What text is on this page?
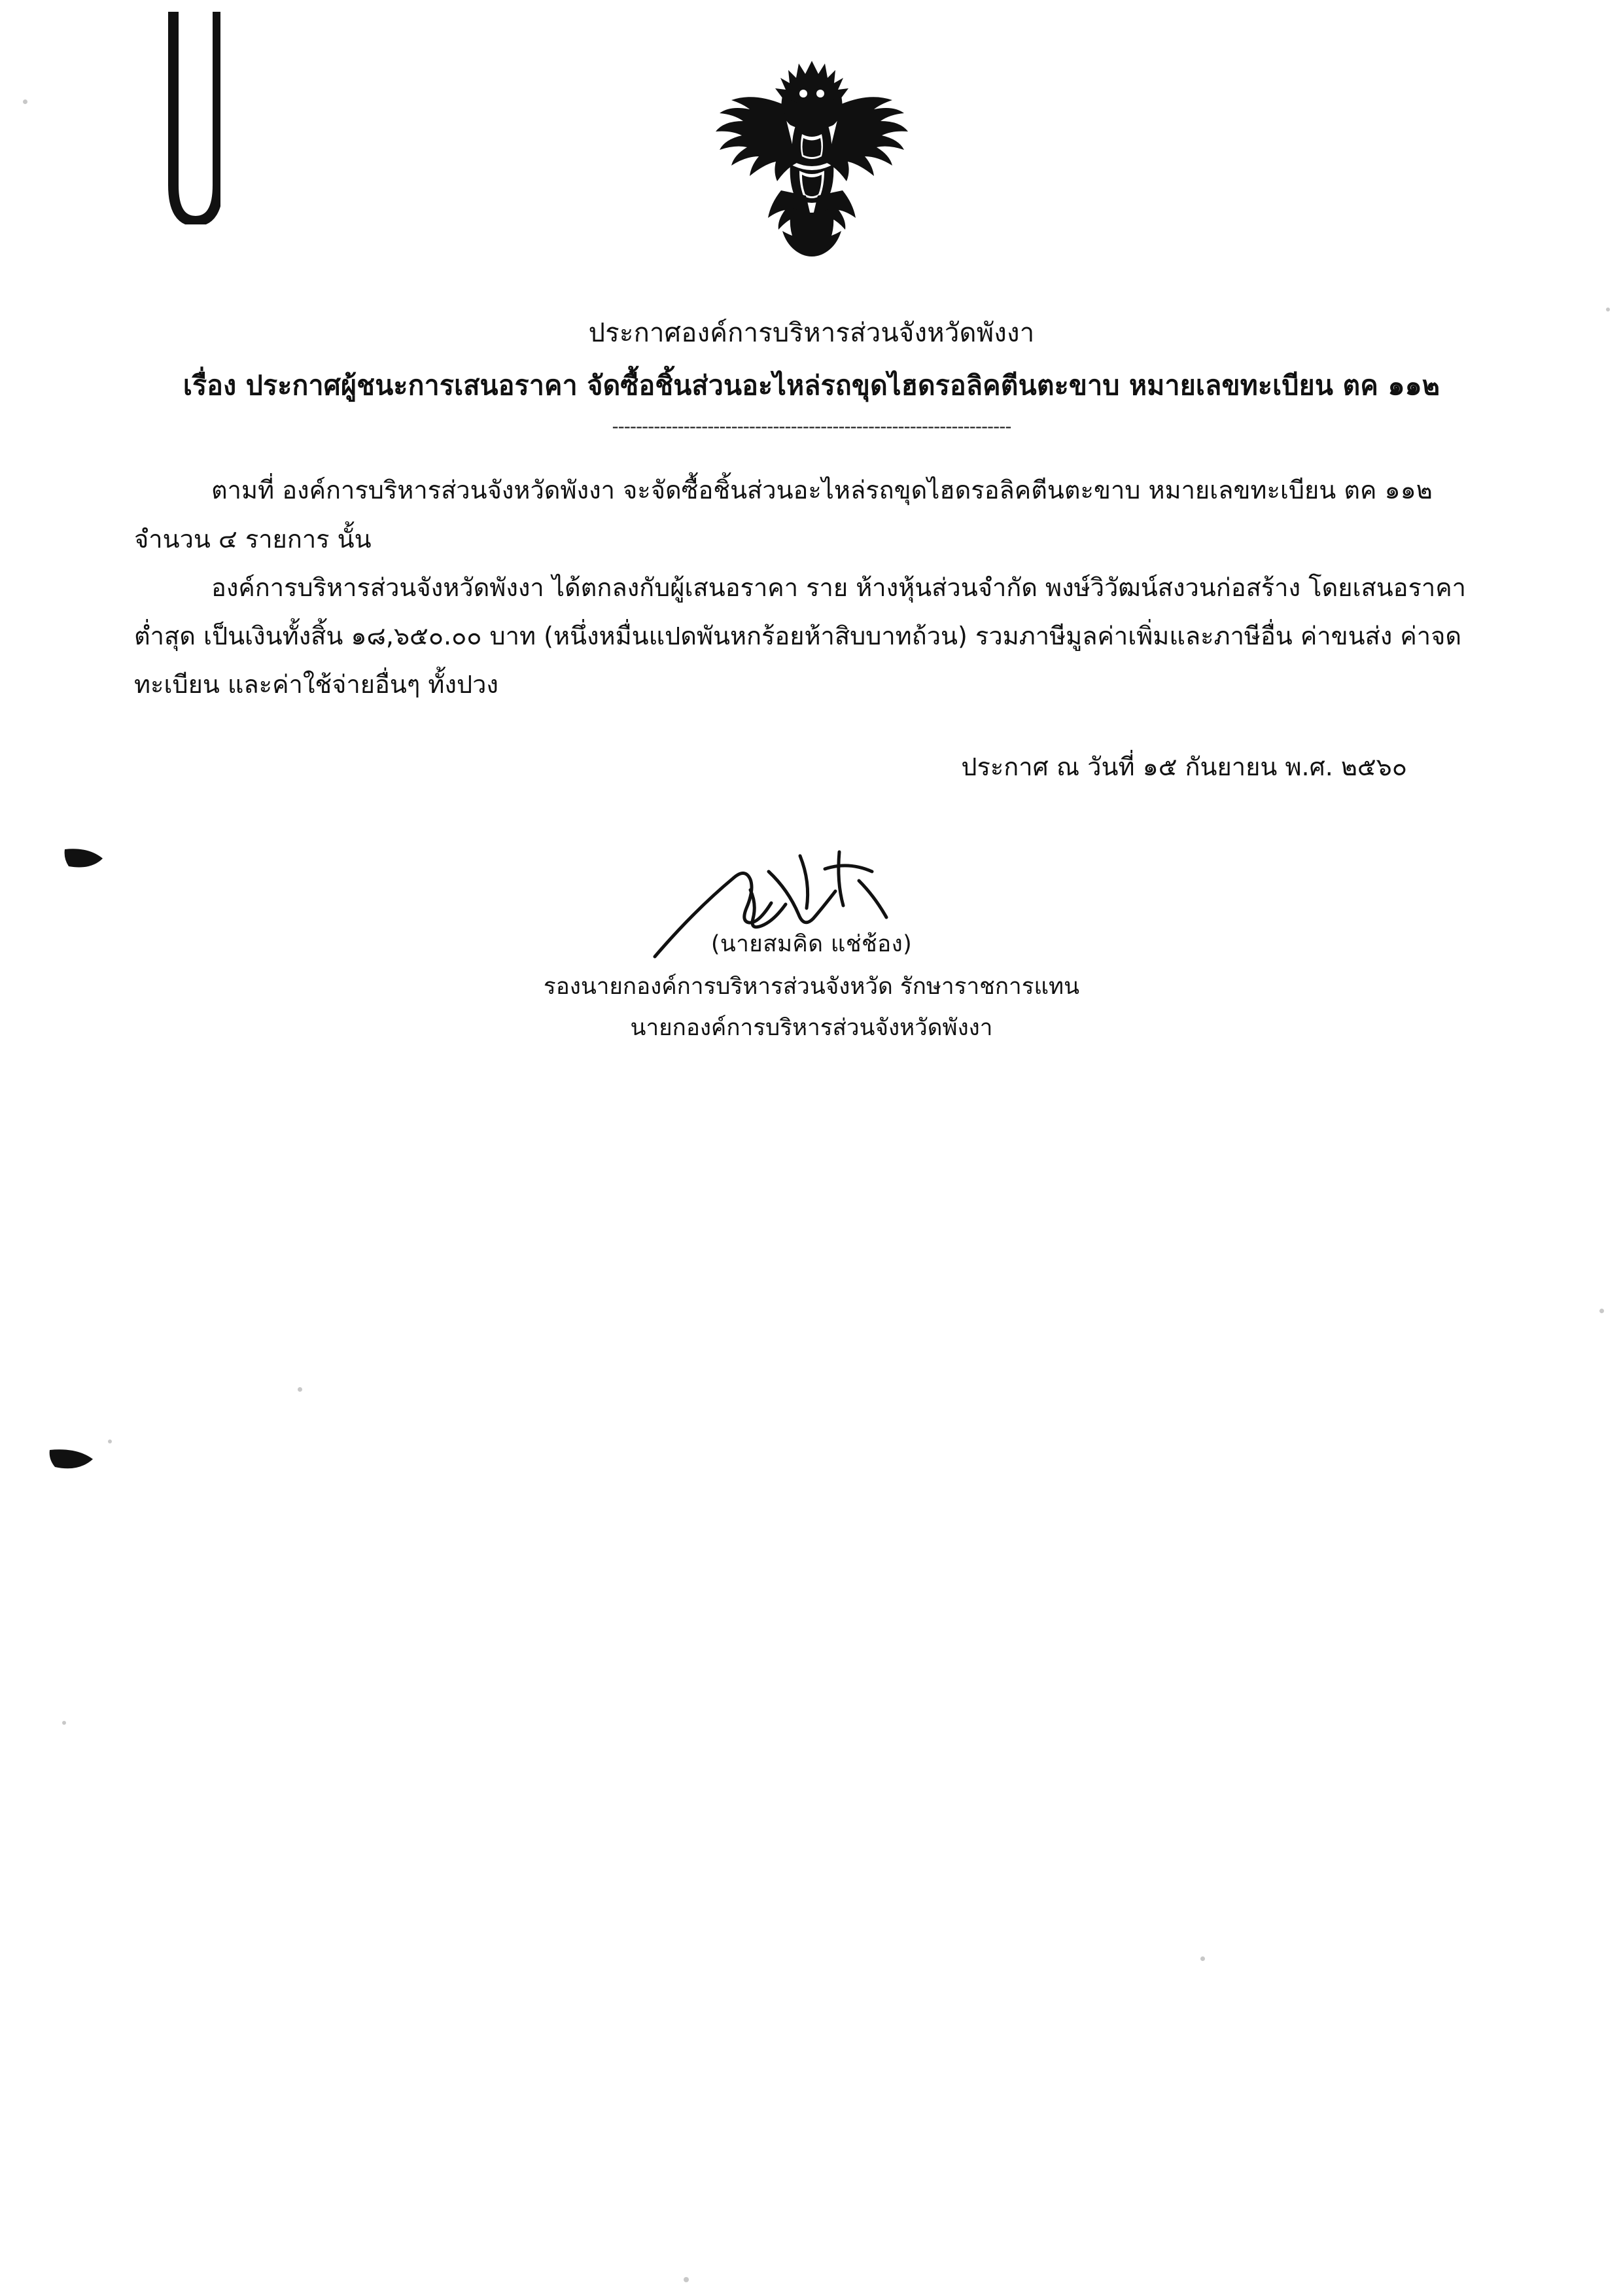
ประกาศองค์การบริหารส่วนจังหวัดพังงา
เรื่อง ประกาศผู้ชนะการเสนอราคา จัดซื้อชิ้นส่วนอะไหล่รถขุดไฮดรอลิคตีนตะขาบ หมายเลขทะเบียน ตค ๑๑๒
-------------------------------------------------------------------

ตามที่ องค์การบริหารส่วนจังหวัดพังงา จะจัดซื้อชิ้นส่วนอะไหล่รถขุดไฮดรอลิคตีนตะขาบ หมายเลขทะเบียน ตค ๑๑๒ จำนวน ๔ รายการ นั้น

องค์การบริหารส่วนจังหวัดพังงา ได้ตกลงกับผู้เสนอราคา ราย ห้างหุ้นส่วนจำกัด พงษ์วิวัฒน์สงวนก่อสร้าง โดยเสนอราคาต่ำสุด เป็นเงินทั้งสิ้น ๑๘,๖๕๐.๐๐ บาท (หนึ่งหมื่นแปดพันหกร้อยห้าสิบบาทถ้วน) รวมภาษีมูลค่าเพิ่มและภาษีอื่น ค่าขนส่ง ค่าจดทะเบียน และค่าใช้จ่ายอื่นๆ ทั้งปวง

ประกาศ ณ วันที่ ๑๕ กันยายน พ.ศ. ๒๕๖๐
(นายสมคิด แช่ช้อง)
รองนายกองค์การบริหารส่วนจังหวัด รักษาราชการแทน
นายกองค์การบริหารส่วนจังหวัดพังงา
